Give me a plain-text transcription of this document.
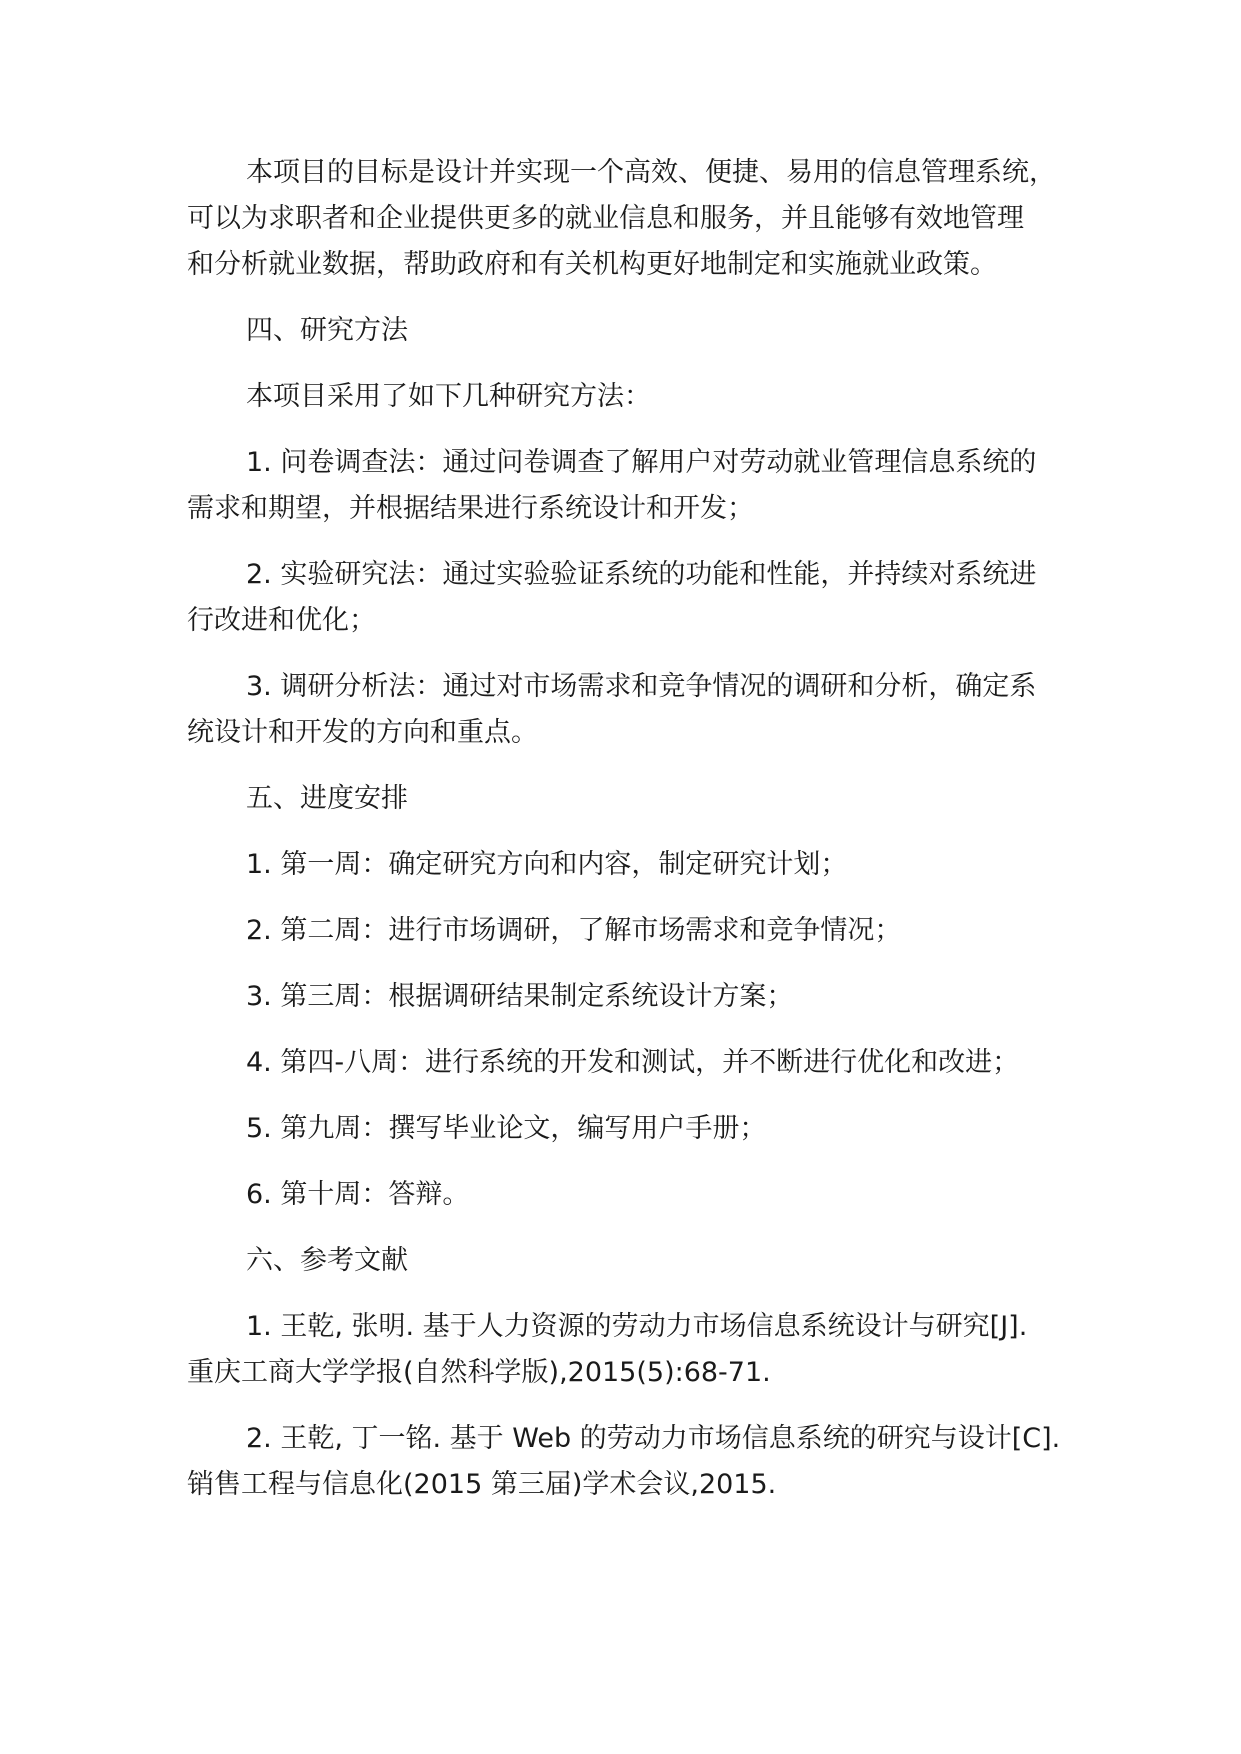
本项目的目标是设计并实现一个高效、便捷、易用的信息管理系统，
可以为求职者和企业提供更多的就业信息和服务，并且能够有效地管理
和分析就业数据，帮助政府和有关机构更好地制定和实施就业政策。
四、研究方法
本项目采用了如下几种研究方法：
1. 问卷调查法：通过问卷调查了解用户对劳动就业管理信息系统的
需求和期望，并根据结果进行系统设计和开发；
2. 实验研究法：通过实验验证系统的功能和性能，并持续对系统进
行改进和优化；
3. 调研分析法：通过对市场需求和竞争情况的调研和分析，确定系
统设计和开发的方向和重点。
五、进度安排
1. 第一周：确定研究方向和内容，制定研究计划；
2. 第二周：进行市场调研，了解市场需求和竞争情况；
3. 第三周：根据调研结果制定系统设计方案；
4. 第四-八周：进行系统的开发和测试，并不断进行优化和改进；
5. 第九周：撰写毕业论文，编写用户手册；
6. 第十周：答辩。
六、参考文献
1. 王乾, 张明. 基于人力资源的劳动力市场信息系统设计与研究[J].
重庆工商大学学报(自然科学版),2015(5):68-71.
2. 王乾, 丁一铭. 基于 Web 的劳动力市场信息系统的研究与设计[C].
销售工程与信息化(2015 第三届)学术会议,2015.
